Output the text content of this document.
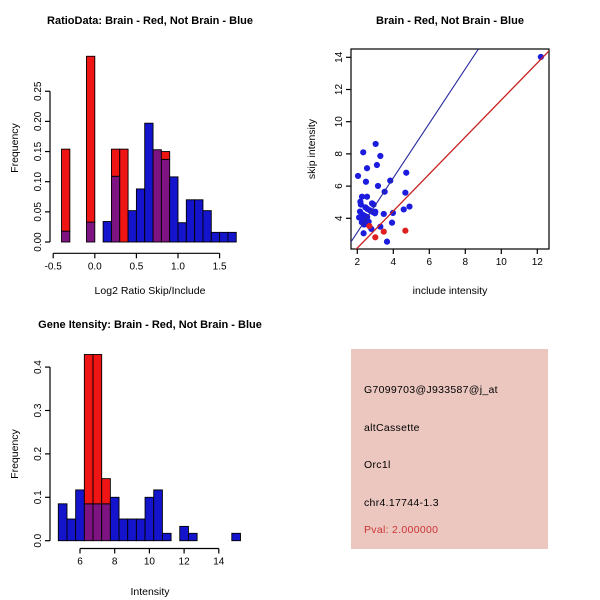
RatioData: Brain - Red, Not Brain - Blue
-0.5	0.0	0.5	1.0	1.5
0.00
0.05
0.10
0.15
0.20
0.25
Log2 Ratio Skip/Include
Frequency
Brain - Red, Not Brain - Blue
2	4	6	8	10 12
4
6
8
10
12
14
include intensity
skip intensity
Gene Itensity: Brain - Red, Not Brain - Blue
6	8	10 12 14
0.0
0.1
0.2
0.3
0.4
Intensity
Frequency
G7099703@J933587@j_at
altCassette
Orc1l
chr4.17744-1.3
Pval: 2.000000
